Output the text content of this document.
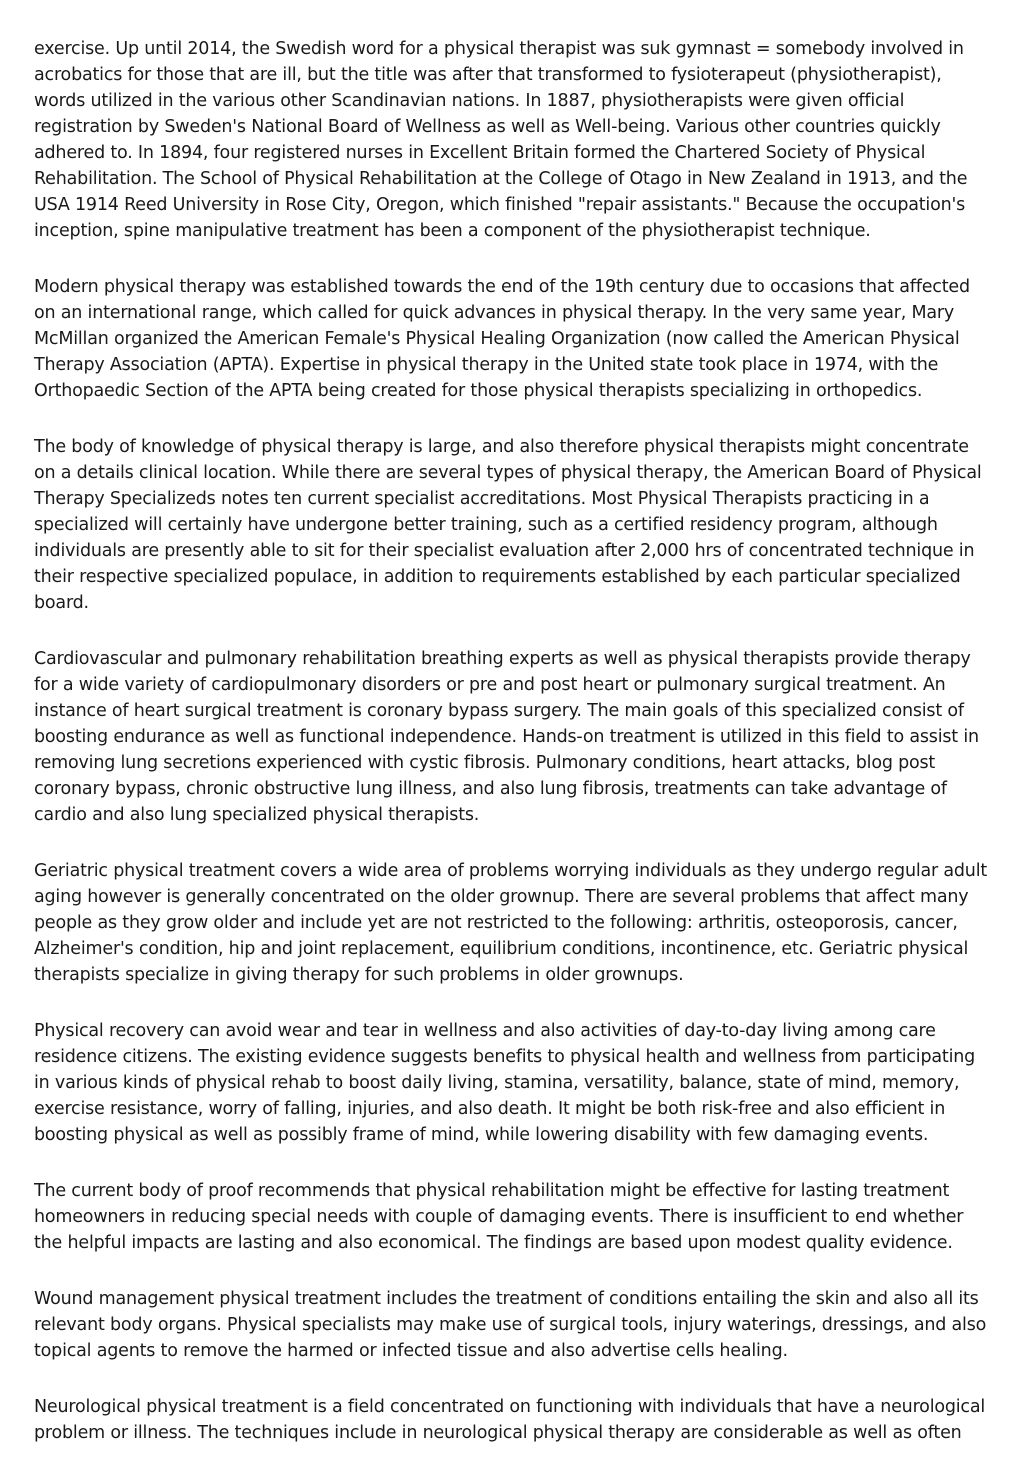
exercise. Up until 2014, the Swedish word for a physical therapist was suk gymnast = somebody involved in acrobatics for those that are ill, but the title was after that transformed to fysioterapeut (physiotherapist), words utilized in the various other Scandinavian nations. In 1887, physiotherapists were given official registration by Sweden's National Board of Wellness as well as Well-being. Various other countries quickly adhered to. In 1894, four registered nurses in Excellent Britain formed the Chartered Society of Physical Rehabilitation. The School of Physical Rehabilitation at the College of Otago in New Zealand in 1913, and the USA 1914 Reed University in Rose City, Oregon, which finished "repair assistants." Because the occupation's inception, spine manipulative treatment has been a component of the physiotherapist technique.

Modern physical therapy was established towards the end of the 19th century due to occasions that affected on an international range, which called for quick advances in physical therapy. In the very same year, Mary McMillan organized the American Female's Physical Healing Organization (now called the American Physical Therapy Association (APTA). Expertise in physical therapy in the United state took place in 1974, with the Orthopaedic Section of the APTA being created for those physical therapists specializing in orthopedics.

The body of knowledge of physical therapy is large, and also therefore physical therapists might concentrate on a details clinical location. While there are several types of physical therapy, the American Board of Physical Therapy Specializeds notes ten current specialist accreditations. Most Physical Therapists practicing in a specialized will certainly have undergone better training, such as a certified residency program, although individuals are presently able to sit for their specialist evaluation after 2,000 hrs of concentrated technique in their respective specialized populace, in addition to requirements established by each particular specialized board.

Cardiovascular and pulmonary rehabilitation breathing experts as well as physical therapists provide therapy for a wide variety of cardiopulmonary disorders or pre and post heart or pulmonary surgical treatment. An instance of heart surgical treatment is coronary bypass surgery. The main goals of this specialized consist of boosting endurance as well as functional independence. Hands-on treatment is utilized in this field to assist in removing lung secretions experienced with cystic fibrosis. Pulmonary conditions, heart attacks, blog post coronary bypass, chronic obstructive lung illness, and also lung fibrosis, treatments can take advantage of cardio and also lung specialized physical therapists.

Geriatric physical treatment covers a wide area of problems worrying individuals as they undergo regular adult aging however is generally concentrated on the older grownup. There are several problems that affect many people as they grow older and include yet are not restricted to the following: arthritis, osteoporosis, cancer, Alzheimer's condition, hip and joint replacement, equilibrium conditions, incontinence, etc. Geriatric physical therapists specialize in giving therapy for such problems in older grownups.

Physical recovery can avoid wear and tear in wellness and also activities of day-to-day living among care residence citizens. The existing evidence suggests benefits to physical health and wellness from participating in various kinds of physical rehab to boost daily living, stamina, versatility, balance, state of mind, memory, exercise resistance, worry of falling, injuries, and also death. It might be both risk-free and also efficient in boosting physical as well as possibly frame of mind, while lowering disability with few damaging events.

The current body of proof recommends that physical rehabilitation might be effective for lasting treatment homeowners in reducing special needs with couple of damaging events. There is insufficient to end whether the helpful impacts are lasting and also economical. The findings are based upon modest quality evidence.

Wound management physical treatment includes the treatment of conditions entailing the skin and also all its relevant body organs. Physical specialists may make use of surgical tools, injury waterings, dressings, and also topical agents to remove the harmed or infected tissue and also advertise cells healing.

Neurological physical treatment is a field concentrated on functioning with individuals that have a neurological problem or illness. The techniques include in neurological physical therapy are considerable as well as often
